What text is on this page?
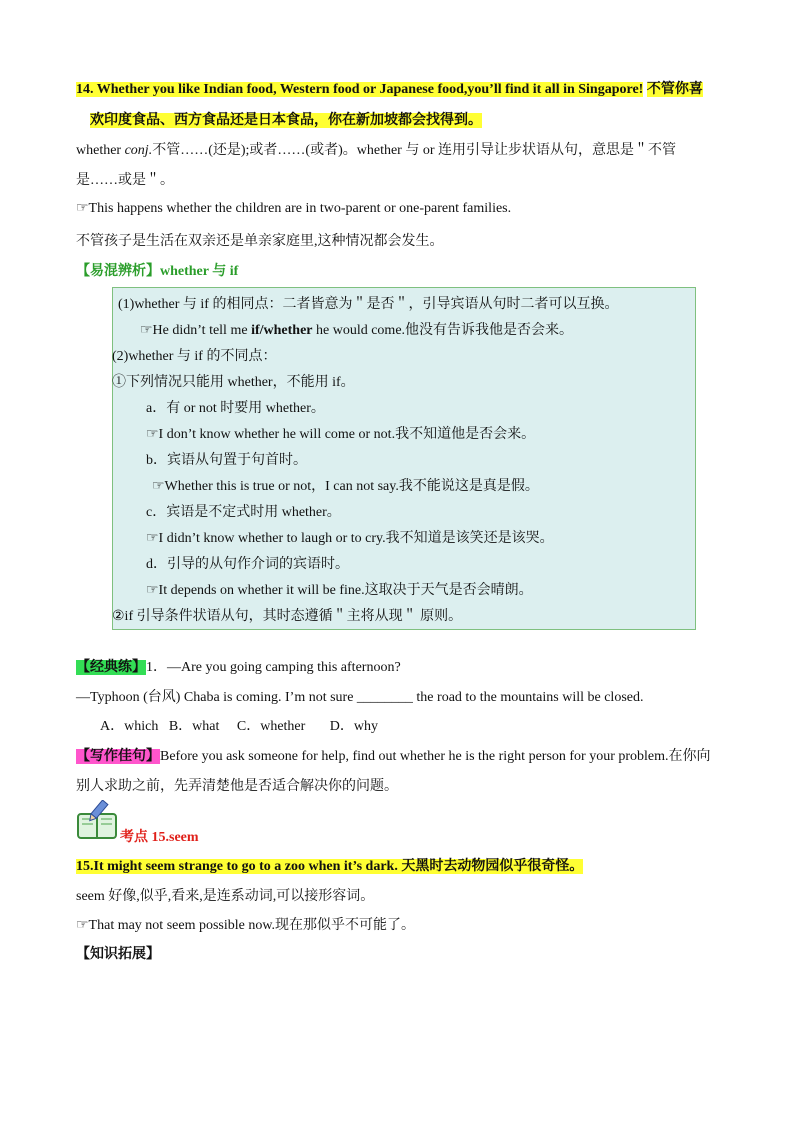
14. Whether you like Indian food, Western food or Japanese food,you’ll find it all in Singapore! 不管你喜
欢印度食品、西方食品还是日本食品，你在新加坡都会找得到。
whether conj.不管……(还是);或者……(或者)。whether 与 or 连用引导让步状语从句，意思是＂不管
是……或是＂。
☞This happens whether the children are in two-parent or one-parent families.
不管孩子是生活在双亲还是单亲家庭里,这种情况都会发生。
【易混辨析】whether 与 if
(1)whether 与 if 的相同点：二者皆意为＂是否＂，引导宾语从句时二者可以互换。
☞He didn’t tell me if/whether he would come.他没有告诉我他是否会来。
(2)whether 与 if 的不同点：
①下列情况只能用 whether，不能用 if。
a．有 or not 时要用 whether。
☞I don’t know whether he will come or not.我不知道他是否会来。
b．宾语从句置于句首时。
☞Whether this is true or not，I can not say.我不能说这是真是假。
c．宾语是不定式时用 whether。
☞I didn’t know whether to laugh or to cry.我不知道是该笑还是该哭。
d．引导的从句作介词的宾语时。
☞It depends on whether it will be fine.这取决于天气是否会晴朗。
②if 引导条件状语从句，其时态遵循＂主将从现＂ 原则。
【经典练】1．—Are you going camping this afternoon?
—Typhoon (台风) Chaba is coming. I’m not sure ________ the road to the mountains will be closed.
A．which   B．what     C．whether       D．why
【写作佳句】Before you ask someone for help, find out whether he is the right person for your problem.在你向
别人求助之前，先弄清楚他是否适合解决你的问题。
考点 15.seem
15.It might seem strange to go to a zoo when it’s dark. 天黑时去动物园似乎很奇怪。
seem 好像,似乎,看来,是连系动词,可以接形容词。
☞That may not seem possible now.现在那似乎不可能了。
【知识拓展】
